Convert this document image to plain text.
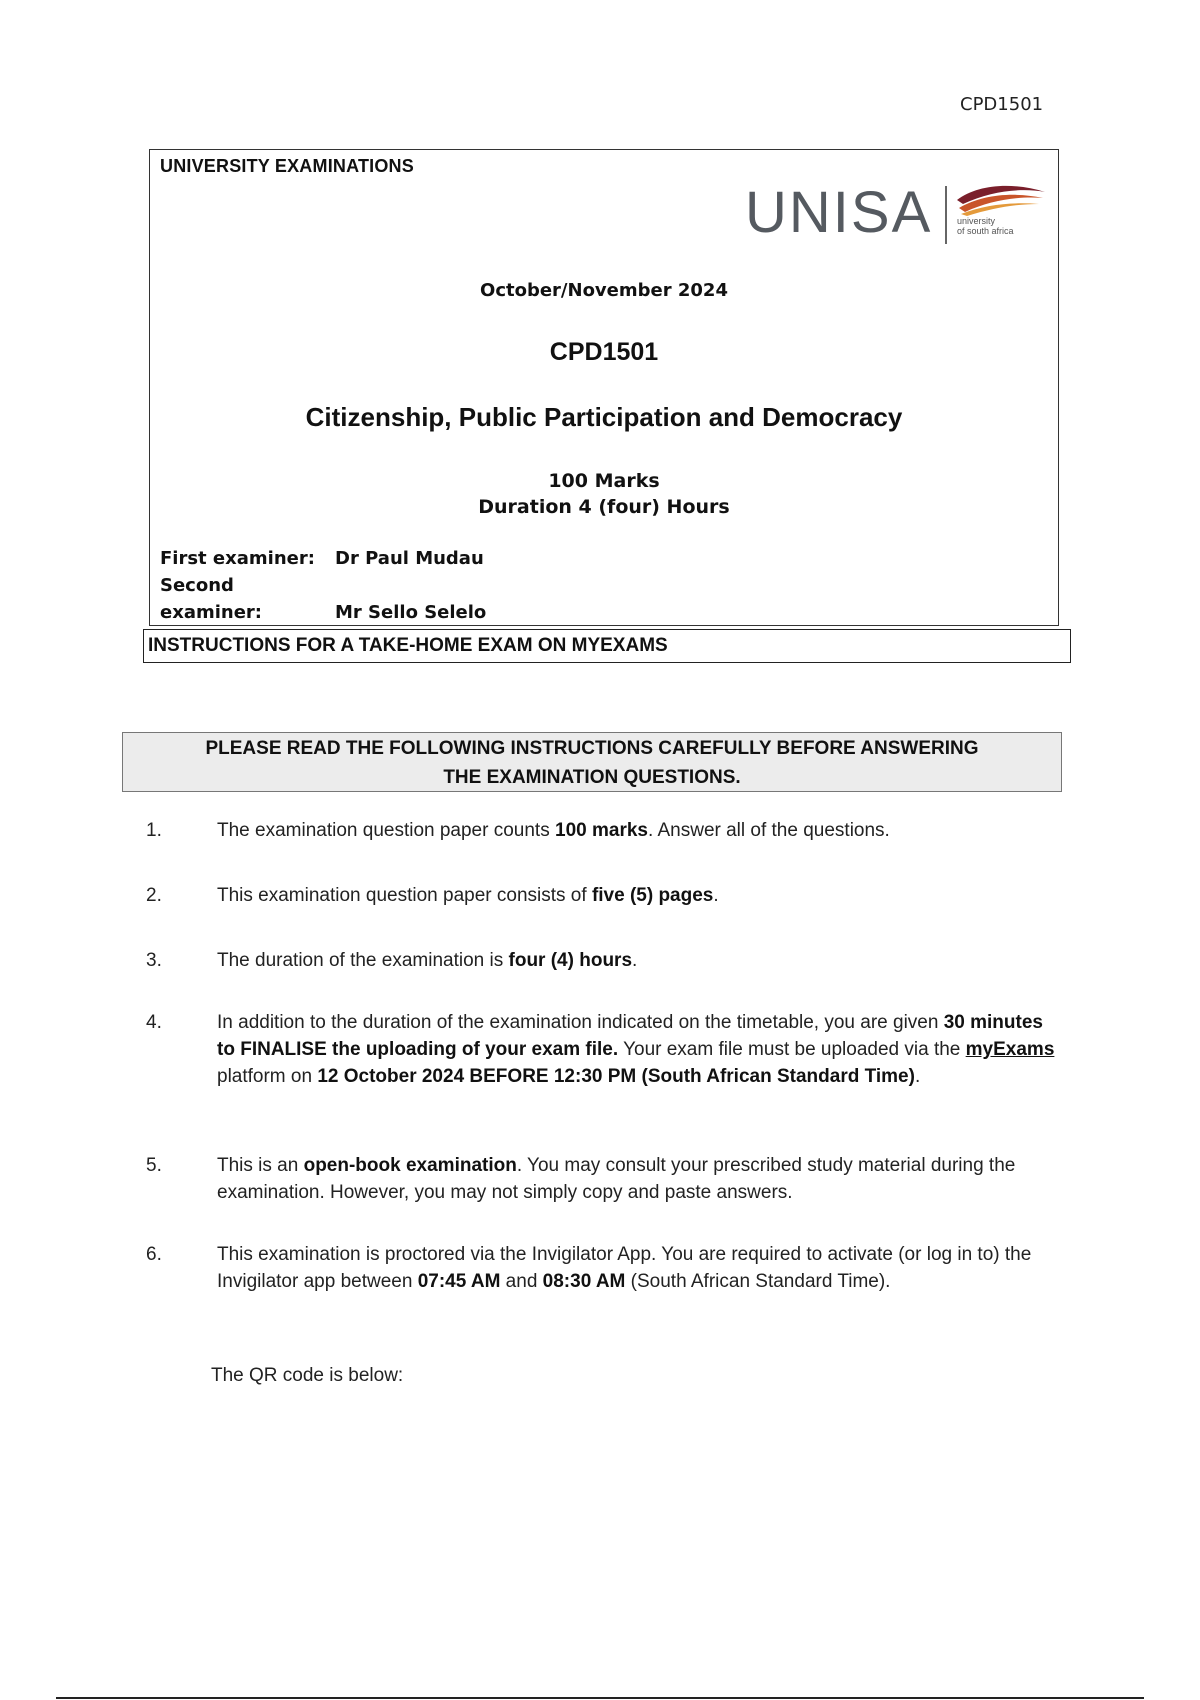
CPD1501
UNIVERSITY EXAMINATIONS
UNISA	university
of south africa
October/November 2024
CPD1501
Citizenship, Public Participation and Democracy
100 Marks
Duration 4 (four) Hours
First examiner: Dr Paul Mudau
Second examiner:	Mr Sello Selelo
INSTRUCTIONS FOR A TAKE-HOME EXAM ON MYEXAMS
PLEASE READ THE FOLLOWING INSTRUCTIONS CAREFULLY BEFORE ANSWERING
THE EXAMINATION QUESTIONS.
1.	The examination question paper counts 100 marks. Answer all of the questions.
2.	This examination question paper consists of five (5) pages.
3.	The duration of the examination is four (4) hours.
4.	In addition to the duration of the examination indicated on the timetable, you are given 30 minutes to FINALISE the uploading of your exam file. Your exam file must be uploaded via the myExams platform on 12 October 2024 BEFORE 12:30 PM (South African Standard Time).
5.	This is an open-book examination. You may consult your prescribed study material during the examination. However, you may not simply copy and paste answers.
6.	This examination is proctored via the Invigilator App. You are required to activate (or log in to) the Invigilator app between 07:45 AM and 08:30 AM (South African Standard Time).
The QR code is below:
